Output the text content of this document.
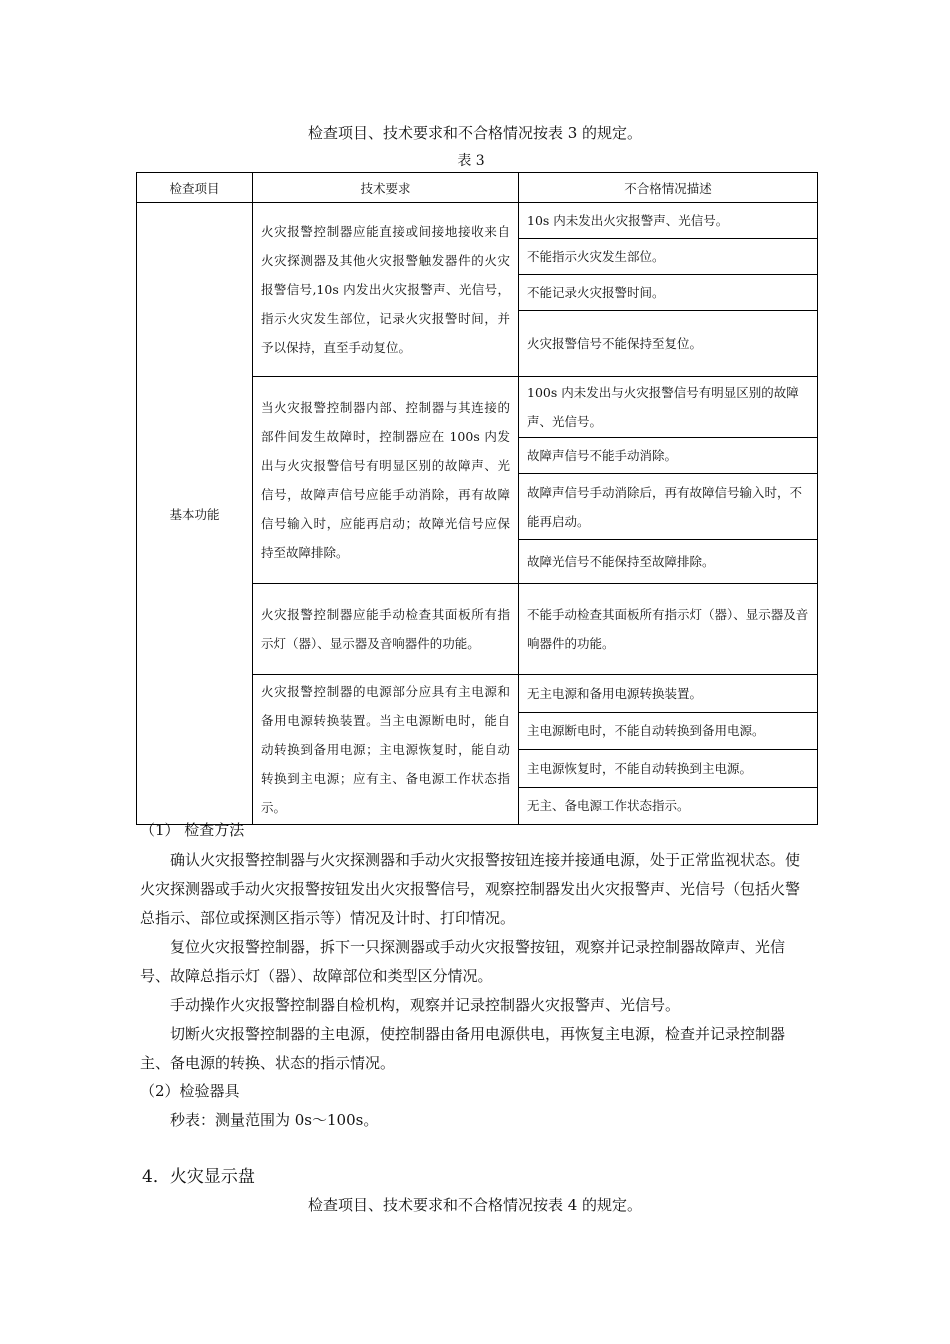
检查项目、技术要求和不合格情况按表 3 的规定。
表 3
检查项目	技术要求	不合格情况描述
基本功能	火灾报警控制器应能直接或间接地接收来自火灾探测器及其他火灾报警触发器件的火灾报警信号,10s 内发出火灾报警声、光信号，指示火灾发生部位，记录火灾报警时间，并予以保持，直至手动复位。	10s 内未发出火灾报警声、光信号。
		不能指示火灾发生部位。
		不能记录火灾报警时间。
		火灾报警信号不能保持至复位。
	当火灾报警控制器内部、控制器与其连接的部件间发生故障时，控制器应在 100s 内发出与火灾报警信号有明显区别的故障声、光信号，故障声信号应能手动消除，再有故障信号输入时，应能再启动；故障光信号应保持至故障排除。	100s 内未发出与火灾报警信号有明显区别的故障声、光信号。
		故障声信号不能手动消除。
		故障声信号手动消除后，再有故障信号输入时，不能再启动。
		故障光信号不能保持至故障排除。
	火灾报警控制器应能手动检查其面板所有指示灯（器）、显示器及音响器件的功能。	不能手动检查其面板所有指示灯（器）、显示器及音响器件的功能。
	火灾报警控制器的电源部分应具有主电源和备用电源转换装置。当主电源断电时，能自动转换到备用电源；主电源恢复时，能自动转换到主电源；应有主、备电源工作状态指示。	无主电源和备用电源转换装置。
		主电源断电时，不能自动转换到备用电源。
		主电源恢复时，不能自动转换到主电源。
		无主、备电源工作状态指示。
（1） 检查方法
确认火灾报警控制器与火灾探测器和手动火灾报警按钮连接并接通电源，处于正常监视状态。使火灾探测器或手动火灾报警按钮发出火灾报警信号，观察控制器发出火灾报警声、光信号（包括火警总指示、部位或探测区指示等）情况及计时、打印情况。
复位火灾报警控制器，拆下一只探测器或手动火灾报警按钮，观察并记录控制器故障声、光信号、故障总指示灯（器）、故障部位和类型区分情况。
手动操作火灾报警控制器自检机构，观察并记录控制器火灾报警声、光信号。
切断火灾报警控制器的主电源，使控制器由备用电源供电，再恢复主电源，检查并记录控制器主、备电源的转换、状态的指示情况。
（2）检验器具
秒表：测量范围为 0s～100s。
4．火灾显示盘
检查项目、技术要求和不合格情况按表 4 的规定。
